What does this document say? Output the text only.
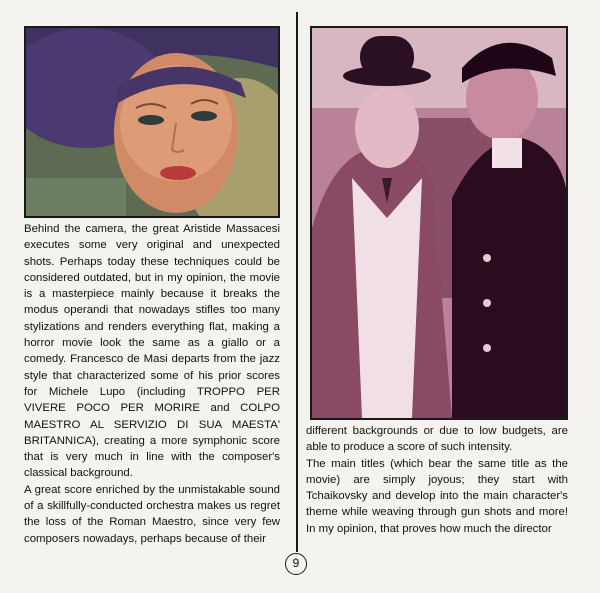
Behind the camera, the great Aristide Massacesi executes some very original and unexpected shots. Perhaps today these techniques could be considered outdated, but in my opinion, the movie is a masterpiece mainly because it breaks the modus operandi that nowadays stifles too many stylizations and renders everything flat, making a horror movie look the same as a giallo or a comedy. Francesco de Masi departs from the jazz style that characterized some of his prior scores for Michele Lupo (including TROPPO PER VIVERE POCO PER MORIRE and COLPO MAESTRO AL SERVIZIO DI SUA MAESTA' BRITANNICA), creating a more symphonic score that is very much in line with the composer's classical background.

A great score enriched by the unmistakable sound of a skillfully-conducted orchestra makes us regret the loss of the Roman Maestro, since very few composers nowadays, perhaps because of their

different backgrounds or due to low budgets, are able to produce a score of such intensity.

The main titles (which bear the same title as the movie) are simply joyous; they start with Tchaikovsky and develop into the main character's theme while weaving through gun shots and more! In my opinion, that proves how much the director

9
